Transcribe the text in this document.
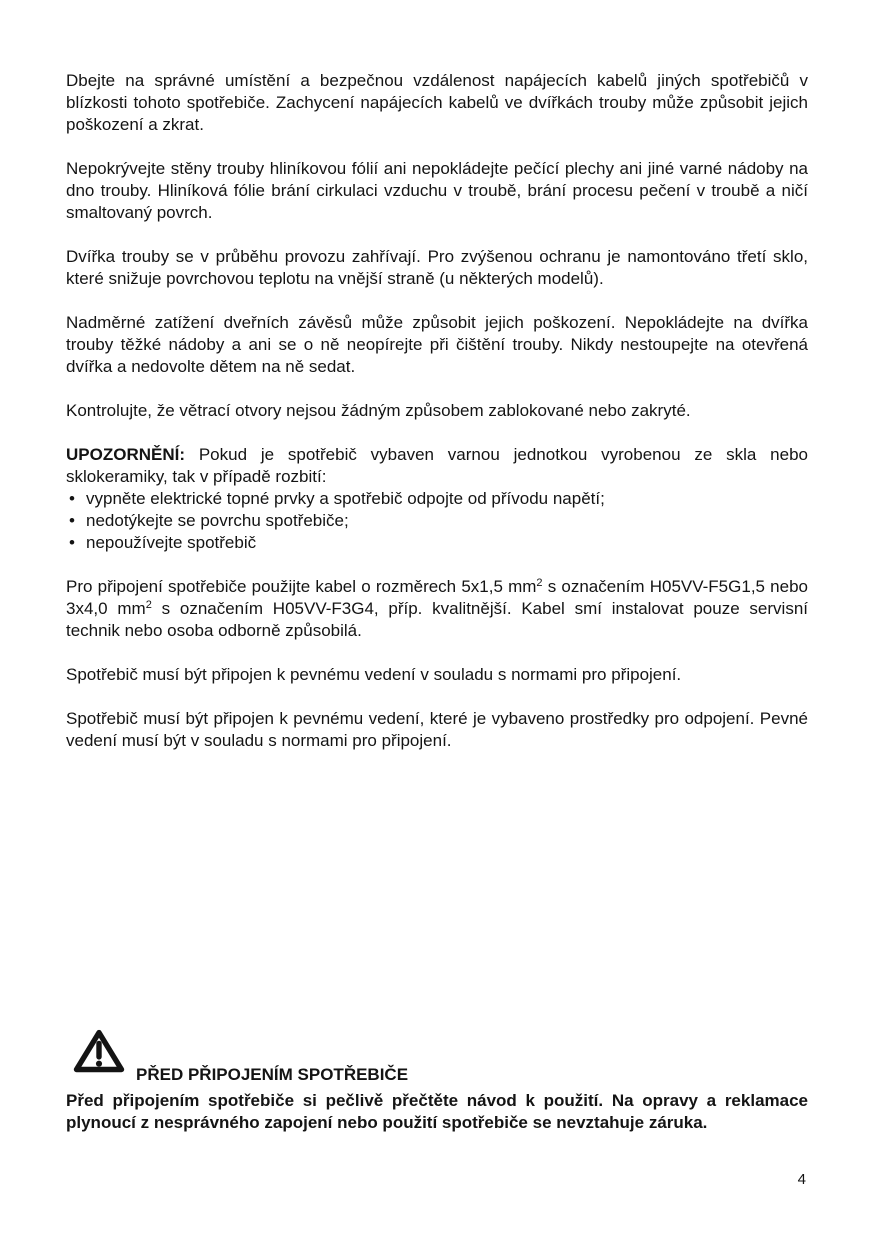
Dbejte na správné umístění a bezpečnou vzdálenost napájecích kabelů jiných spotřebičů v blízkosti tohoto spotřebiče. Zachycení napájecích kabelů ve dvířkách trouby může způsobit jejich poškození a zkrat.

Nepokrývejte stěny trouby hliníkovou fólií ani nepokládejte pečící plechy ani jiné varné nádoby na dno trouby. Hliníková fólie brání cirkulaci vzduchu v troubě, brání procesu pečení v troubě a ničí smaltovaný povrch.

Dvířka trouby se v průběhu provozu zahřívají. Pro zvýšenou ochranu je namontováno třetí sklo, které snižuje povrchovou teplotu na vnější straně (u některých modelů).

Nadměrné zatížení dveřních závěsů může způsobit jejich poškození. Nepokládejte na dvířka trouby těžké nádoby a ani se o ně neopírejte při čištění trouby. Nikdy nestoupejte na otevřená dvířka a nedovolte dětem na ně sedat.

Kontrolujte, že větrací otvory nejsou žádným způsobem zablokované nebo zakryté.

UPOZORNĚNÍ: Pokud je spotřebič vybaven varnou jednotkou vyrobenou ze skla nebo sklokeramiky, tak v případě rozbití:

• vypněte elektrické topné prvky a spotřebič odpojte od přívodu napětí;
• nedotýkejte se povrchu spotřebiče;
• nepoužívejte spotřebič

Pro připojení spotřebiče použijte kabel o rozměrech 5x1,5 $mm^2$ s označením H05VV-F5G1,5 nebo 3x4,0 $mm^2$ s označením H05VV-F3G4, příp. kvalitnější. Kabel smí instalovat pouze servisní technik nebo osoba odborně způsobilá.

Spotřebič musí být připojen k pevnému vedení v souladu s normami pro připojení.

Spotřebič musí být připojen k pevnému vedení, které je vybaveno prostředky pro odpojení. Pevné vedení musí být v souladu s normami pro připojení.

PŘED PŘIPOJENÍM SPOTŘEBIČE

Před připojením spotřebiče si pečlivě přečtěte návod k použití. Na opravy a reklamace plynoucí z nesprávného zapojení nebo použití spotřebiče se nevztahuje záruka.

4
